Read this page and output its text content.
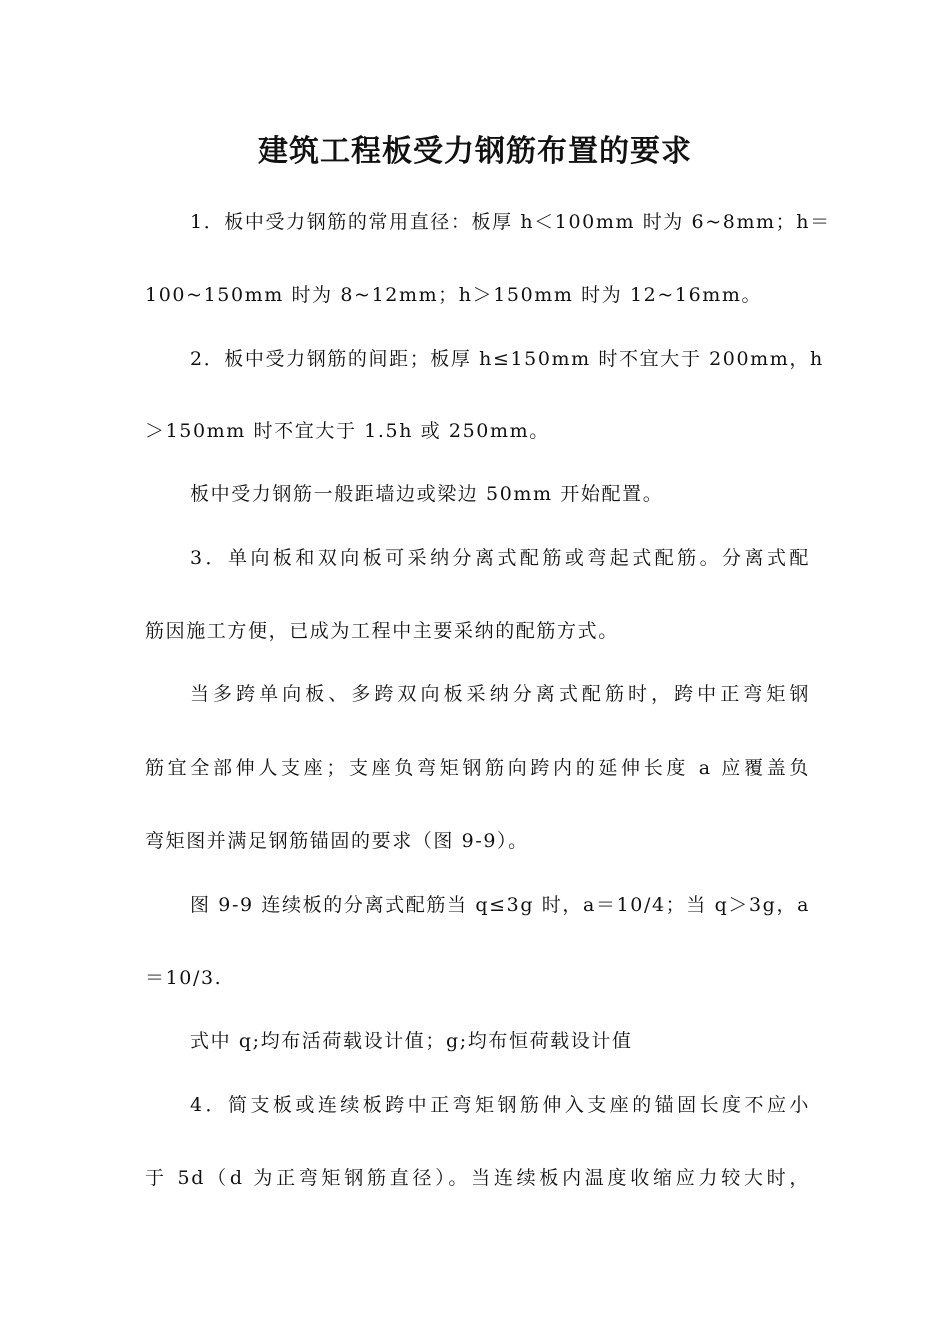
建筑工程板受力钢筋布置的要求
1．板中受力钢筋的常用直径：板厚 h＜100mm 时为 6~8mm；h＝
100~150mm 时为 8~12mm；h＞150mm 时为 12~16mm。
2．板中受力钢筋的间距；板厚 h≤150mm 时不宜大于 200mm，h
＞150mm 时不宜大于 1.5h 或 250mm。
板中受力钢筋一般距墙边或梁边 50mm 开始配置。
3．单向板和双向板可采纳分离式配筋或弯起式配筋。分离式配
筋因施工方便，已成为工程中主要采纳的配筋方式。
当多跨单向板、多跨双向板采纳分离式配筋时，跨中正弯矩钢
筋宜全部伸人支座；支座负弯矩钢筋向跨内的延伸长度 a 应覆盖负
弯矩图并满足钢筋锚固的要求（图 9-9）。
图 9-9 连续板的分离式配筋当 q≤3g 时，a＝10/4；当 q＞3g，a
＝10/3.
式中 q;均布活荷载设计值；g;均布恒荷载设计值
4．简支板或连续板跨中正弯矩钢筋伸入支座的锚固长度不应小
于 5d（d 为正弯矩钢筋直径）。当连续板内温度收缩应力较大时，
